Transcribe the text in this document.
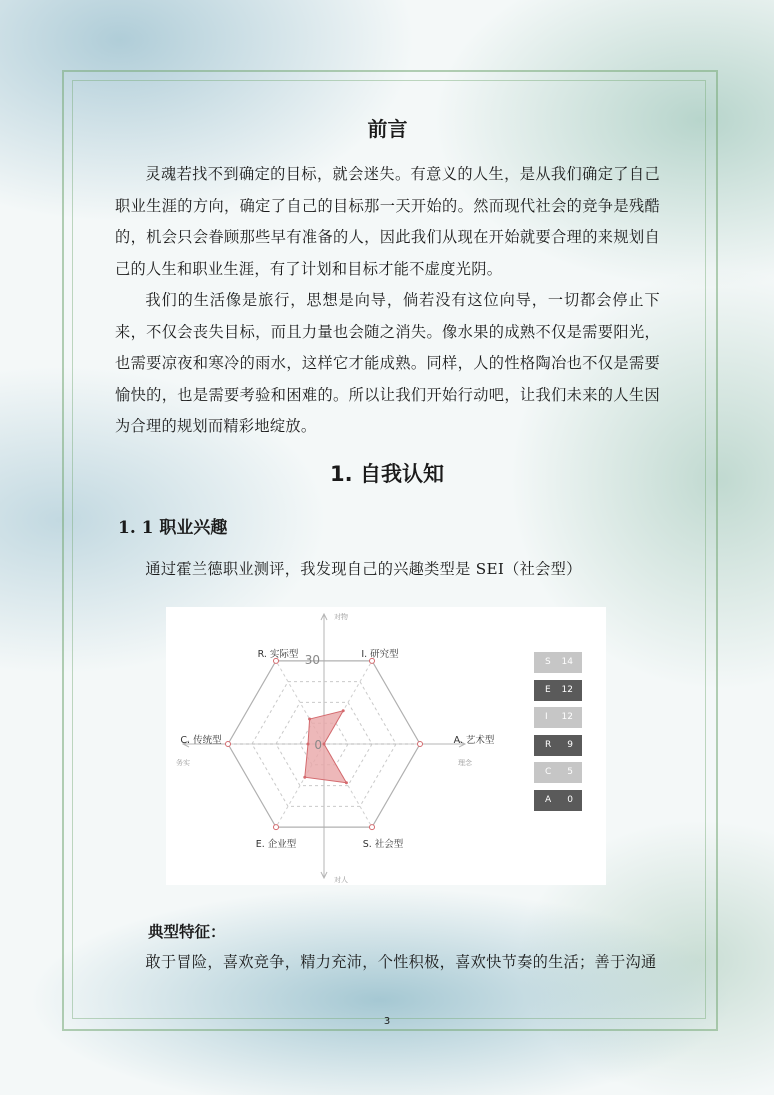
前言

灵魂若找不到确定的目标，就会迷失。有意义的人生，是从我们确定了自己职业生涯的方向，确定了自己的目标那一天开始的。然而现代社会的竞争是残酷的，机会只会眷顾那些早有准备的人，因此我们从现在开始就要合理的来规划自己的人生和职业生涯，有了计划和目标才能不虚度光阴。

我们的生活像是旅行，思想是向导，倘若没有这位向导，一切都会停止下来，不仅会丧失目标，而且力量也会随之消失。像水果的成熟不仅是需要阳光，也需要凉夜和寒冷的雨水，这样它才能成熟。同样，人的性格陶冶也不仅是需要愉快的，也是需要考验和困难的。所以让我们开始行动吧，让我们未来的人生因为合理的规划而精彩地绽放。

1. 自我认知
1. 1 职业兴趣

通过霍兰德职业测评，我发现自己的兴趣类型是 SEI（社会型）

30
0
R. 实际型	I. 研究型
A. 艺术型
S. 社会型
E. 企业型
C. 传统型
对物
对人
务实	理念
S 14
E 12
I 12
R 9
C 5
A 0
典型特征：

敢于冒险，喜欢竞争，精力充沛，个性积极，喜欢快节奏的生活；善于沟通

3
